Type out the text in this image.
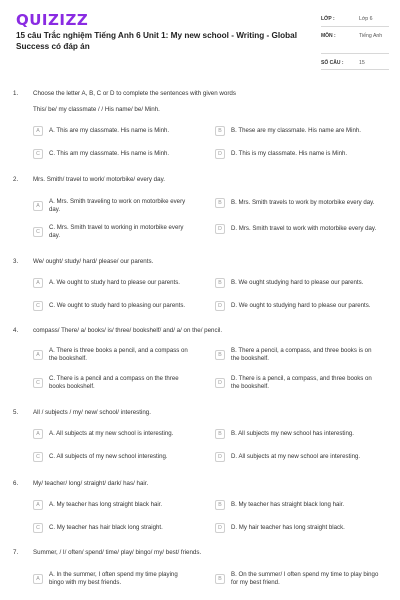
QUIZIZZ
15 câu Trắc nghiệm Tiếng Anh 6 Unit 1: My new school - Writing - Global Success có đáp án
LỚP :	Lớp 6
MÔN :	Tiếng Anh
SỐ CÂU :	15
1. Choose the letter A, B, C or D to complete the sentences with given words
This/ be/ my classmate / / His name/ be/ Minh.
A	A. This are my classmate. His name is Minh.	B	B. These are my classmate. His name are Minh.
C	C. This am my classmate. His name is Minh.	D	D. This is my classmate. His name is Minh.
2. Mrs. Smith/ travel to work/ motorbike/ every day.
A
A. Mrs. Smith traveling to work on motorbike every day.
B	B. Mrs. Smith travels to work by motorbike every day.
C
C. Mrs. Smith travel to working in motorbike every day.
D	D. Mrs. Smith travel to work with motorbike every day.
3. We/ ought/ study/ hard/ please/ our parents.
A	A. We ought to study hard to please our parents.	B	B. We ought studying hard to please our parents.
C	C. We ought to study hard to pleasing our parents.	D	D. We ought to studying hard to please our parents.
4. compass/ There/ a/ books/ is/ three/ bookshelf/ and/ a/ on the/ pencil.
A
A. There is three books a pencil, and a compass on the bookshelf.	B
B. There a pencil, a compass, and three books is on the bookshelf.
C
C. There is a pencil and a compass on the three books bookshelf.	D
D. There is a pencil, a compass, and three books on the bookshelf.
5. All / subjects / my/ new/ school/ interesting.
A	A. All subjects at my new school is interesting.	B	B. All subjects my new school has interesting.
C	C. All subjects of my new school interesting.	D	D. All subjects at my new school are interesting.
6. My/ teacher/ long/ straight/ dark/ has/ hair.
A	A. My teacher has long straight black hair.	B	B. My teacher has straight black long hair.
C	C. My teacher has hair black long straight.	D	D. My hair teacher has long straight black.
7. Summer, / I/ often/ spend/ time/ play/ bingo/ my/ best/ friends.
A
A. In the summer, I often spend my time playing bingo with my best friends.	B
B. On the summer/ I often spend my time to play bingo for my best friend.
